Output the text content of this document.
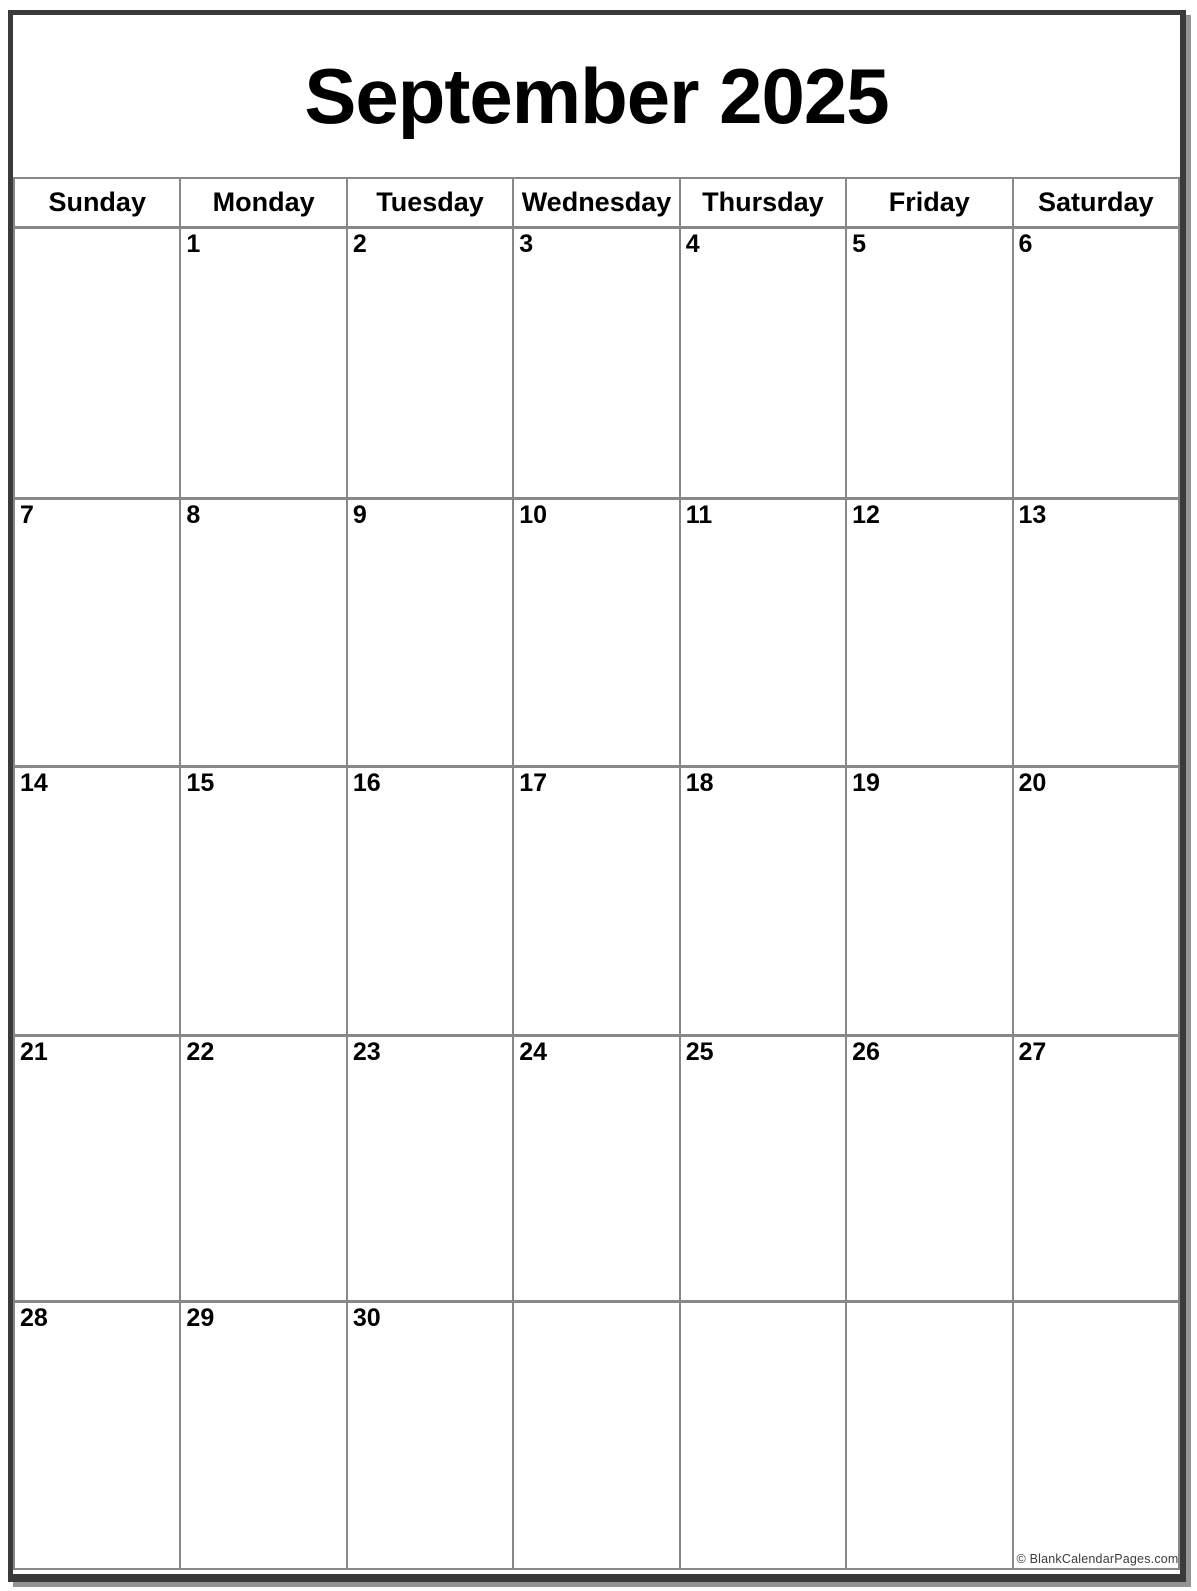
September 2025
Sunday	Monday	Tuesday	Wednesday	Thursday	Friday	Saturday
	1	2	3	4	5	6
7	8	9	10	11	12	13
14	15	16	17	18	19	20
21	22	23	24	25	26	27
28	29	30				© BlankCalendarPages.com
